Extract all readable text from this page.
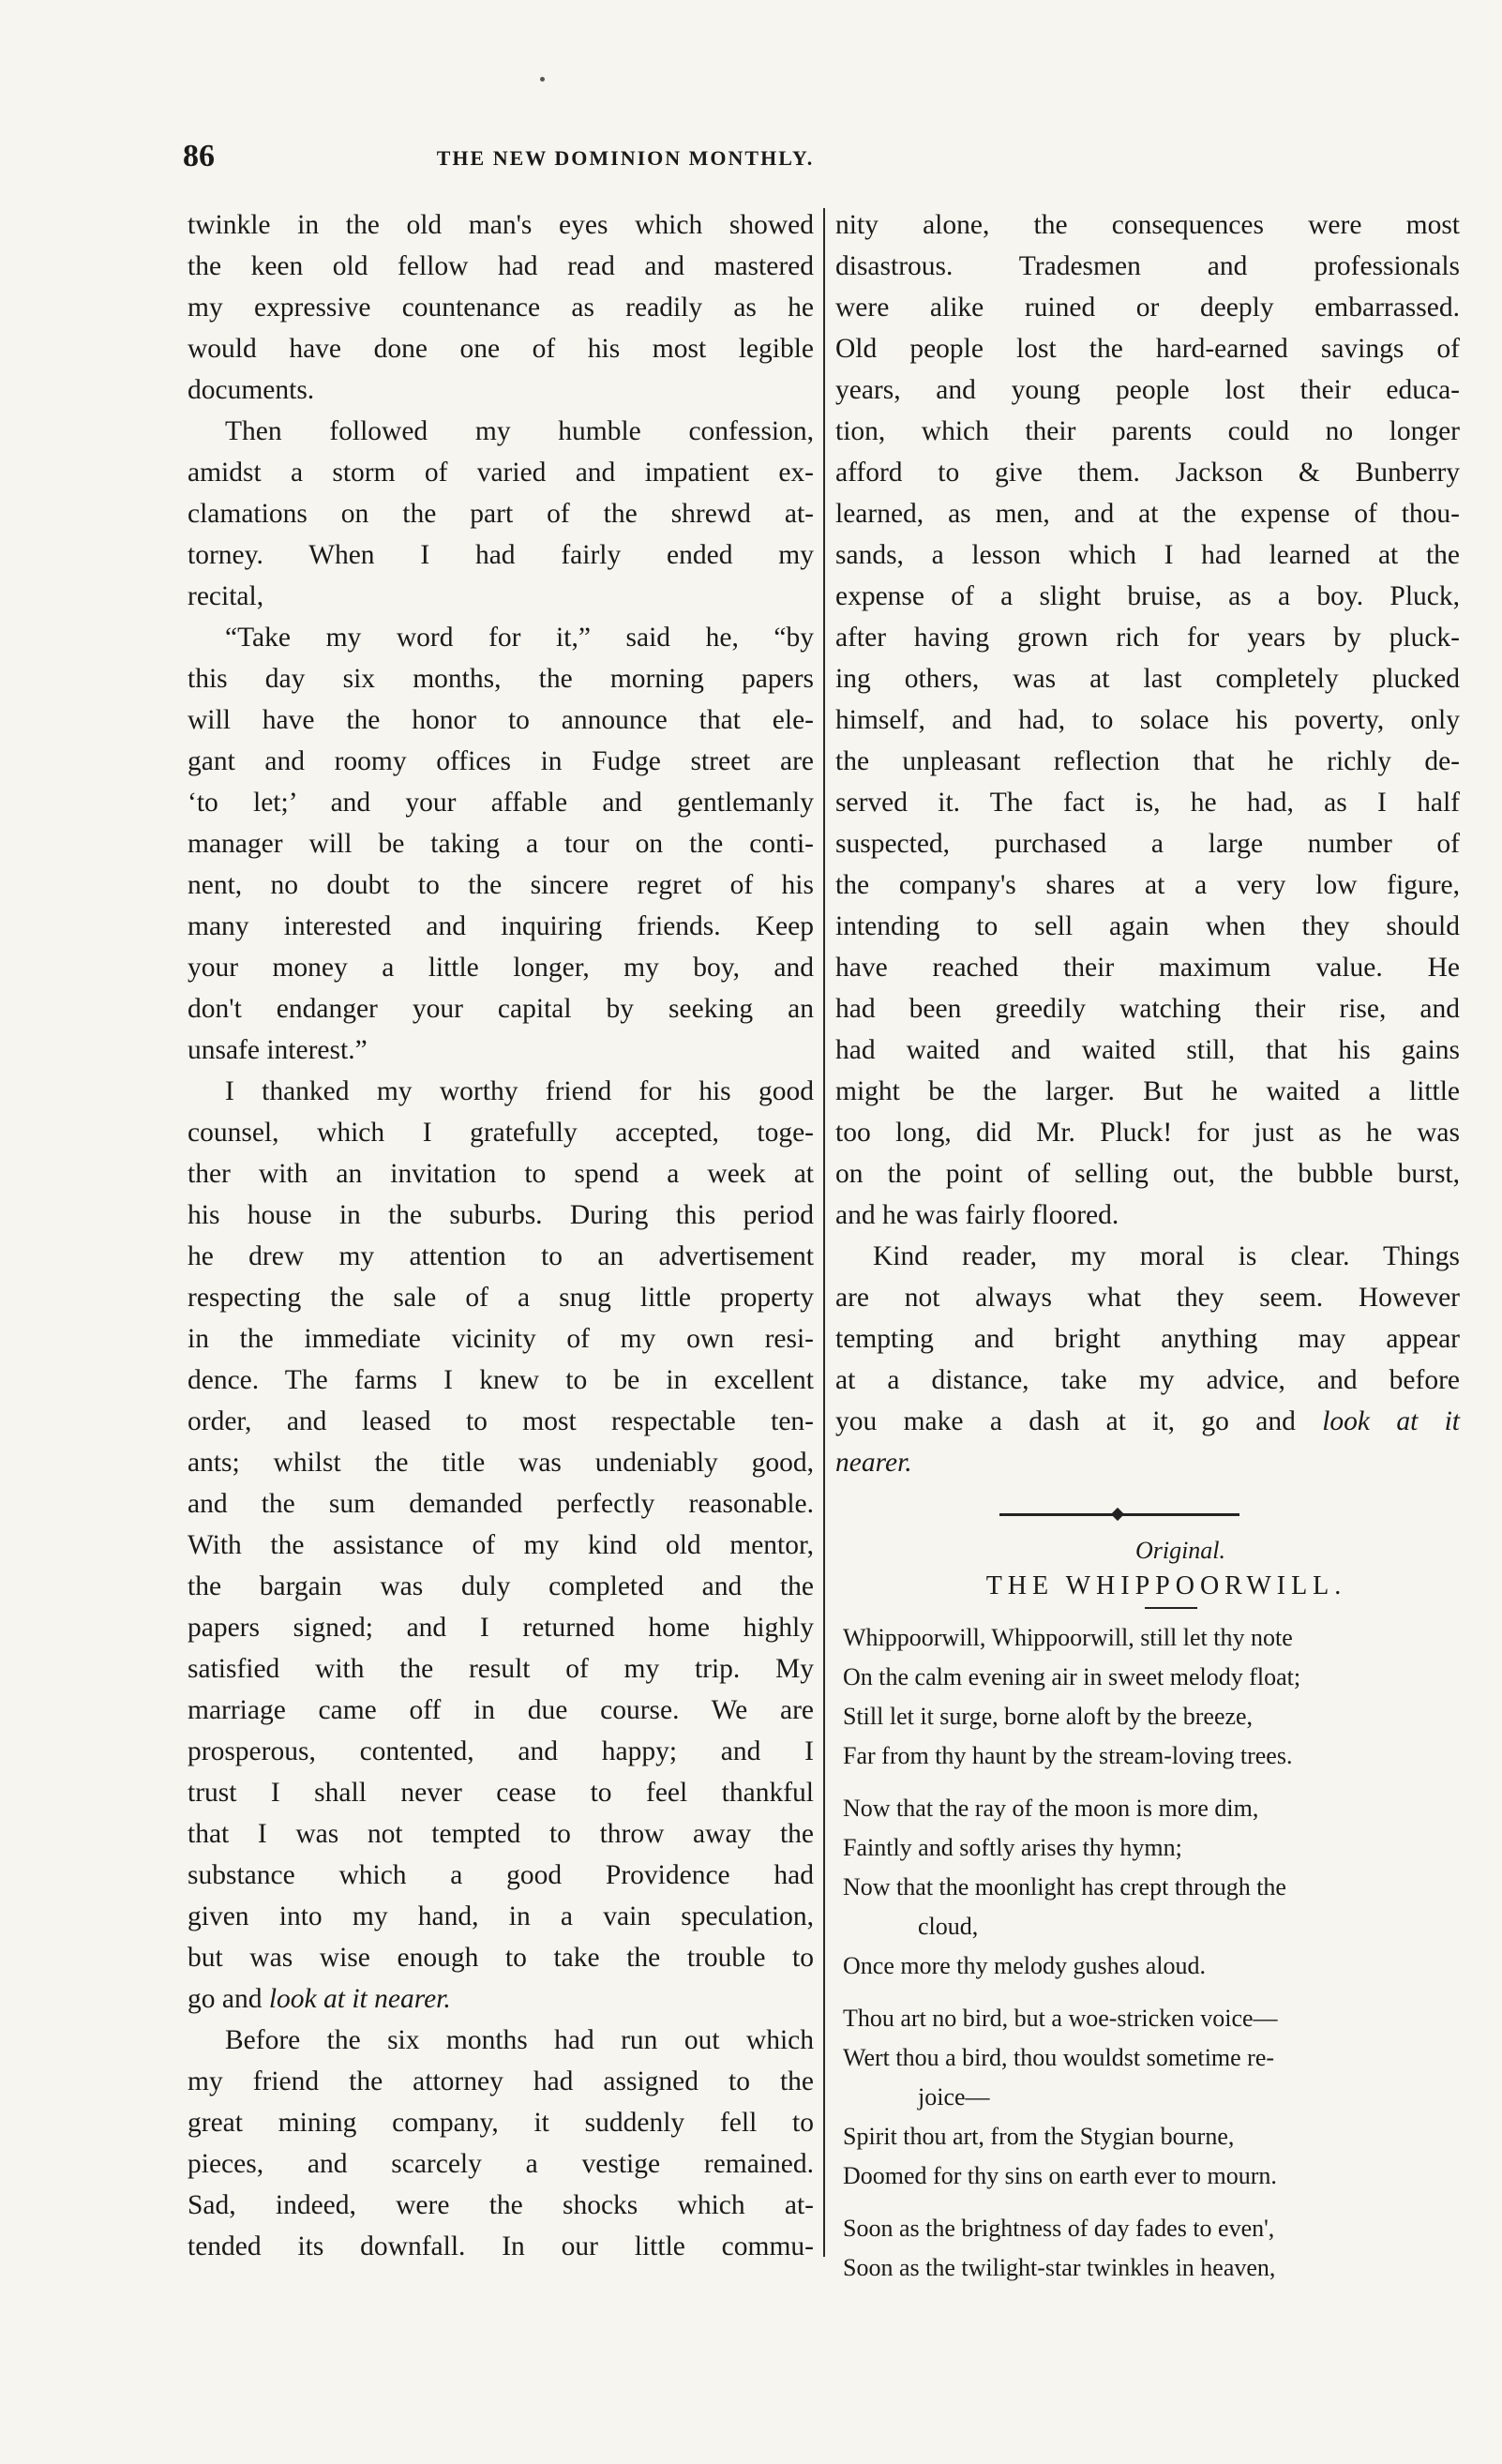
86	THE NEW DOMINION MONTHLY.
twinkle in the old man's eyes which showed
the keen old fellow had read and mastered
my expressive countenance as readily as he
would have done one of his most legible
documents.
Then followed my humble confession,
amidst a storm of varied and impatient ex-
clamations on the part of the shrewd at-
torney. When I had fairly ended my
recital,
“Take my word for it,” said he, “by
this day six months, the morning papers
will have the honor to announce that ele-
gant and roomy offices in Fudge street are
‘to let;’ and your affable and gentlemanly
manager will be taking a tour on the conti-
nent, no doubt to the sincere regret of his
many interested and inquiring friends. Keep
your money a little longer, my boy, and
don't endanger your capital by seeking an
unsafe interest.”
I thanked my worthy friend for his good
counsel, which I gratefully accepted, toge-
ther with an invitation to spend a week at
his house in the suburbs. During this period
he drew my attention to an advertisement
respecting the sale of a snug little property
in the immediate vicinity of my own resi-
dence. The farms I knew to be in excellent
order, and leased to most respectable ten-
ants; whilst the title was undeniably good,
and the sum demanded perfectly reasonable.
With the assistance of my kind old mentor,
the bargain was duly completed and the
papers signed; and I returned home highly
satisfied with the result of my trip. My
marriage came off in due course. We are
prosperous, contented, and happy; and I
trust I shall never cease to feel thankful
that I was not tempted to throw away the
substance which a good Providence had
given into my hand, in a vain speculation,
but was wise enough to take the trouble to
go and look at it nearer.
Before the six months had run out which
my friend the attorney had assigned to the
great mining company, it suddenly fell to
pieces, and scarcely a vestige remained.
Sad, indeed, were the shocks which at-
tended its downfall. In our little commu-
nity alone, the consequences were most
disastrous. Tradesmen and professionals
were alike ruined or deeply embarrassed.
Old people lost the hard-earned savings of
years, and young people lost their educa-
tion, which their parents could no longer
afford to give them. Jackson & Bunberry
learned, as men, and at the expense of thou-
sands, a lesson which I had learned at the
expense of a slight bruise, as a boy. Pluck,
after having grown rich for years by pluck-
ing others, was at last completely plucked
himself, and had, to solace his poverty, only
the unpleasant reflection that he richly de-
served it. The fact is, he had, as I half
suspected, purchased a large number of
the company's shares at a very low figure,
intending to sell again when they should
have reached their maximum value. He
had been greedily watching their rise, and
had waited and waited still, that his gains
might be the larger. But he waited a little
too long, did Mr. Pluck! for just as he was
on the point of selling out, the bubble burst,
and he was fairly floored.
Kind reader, my moral is clear. Things
are not always what they seem. However
tempting and bright anything may appear
at a distance, take my advice, and before
you make a dash at it, go and look at it
nearer.
Original.
THE WHIPPOORWILL.
Whippoorwill, Whippoorwill, still let thy note
On the calm evening air in sweet melody float;
Still let it surge, borne aloft by the breeze,
Far from thy haunt by the stream-loving trees.
Now that the ray of the moon is more dim,
Faintly and softly arises thy hymn;
Now that the moonlight has crept through the
cloud,
Once more thy melody gushes aloud.
Thou art no bird, but a woe-stricken voice—
Wert thou a bird, thou wouldst sometime re-
joice—
Spirit thou art, from the Stygian bourne,
Doomed for thy sins on earth ever to mourn.
Soon as the brightness of day fades to even',
Soon as the twilight-star twinkles in heaven,
